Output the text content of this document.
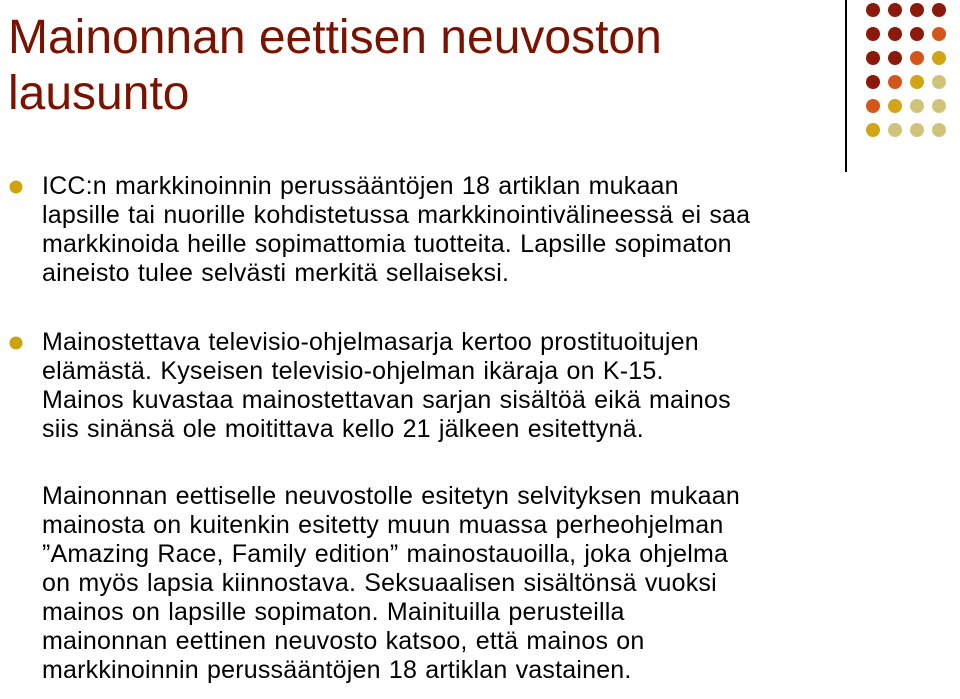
Mainonnan eettisen neuvoston
lausunto

ICC:n markkinoinnin perussääntöjen 18 artiklan mukaan
lapsille tai nuorille kohdistetussa markkinointivälineessä ei saa
markkinoida heille sopimattomia tuotteita. Lapsille sopimaton
aineisto tulee selvästi merkitä sellaiseksi.

Mainostettava televisio-ohjelmasarja kertoo prostituoitujen
elämästä. Kyseisen televisio-ohjelman ikäraja on K-15.
Mainos kuvastaa mainostettavan sarjan sisältöä eikä mainos
siis sinänsä ole moitittava kello 21 jälkeen esitettynä.

Mainonnan eettiselle neuvostolle esitetyn selvityksen mukaan
mainosta on kuitenkin esitetty muun muassa perheohjelman
”Amazing Race, Family edition” mainostauoilla, joka ohjelma
on myös lapsia kiinnostava. Seksuaalisen sisältönsä vuoksi
mainos on lapsille sopimaton. Mainituilla perusteilla
mainonnan eettinen neuvosto katsoo, että mainos on
markkinoinnin perussääntöjen 18 artiklan vastainen.
